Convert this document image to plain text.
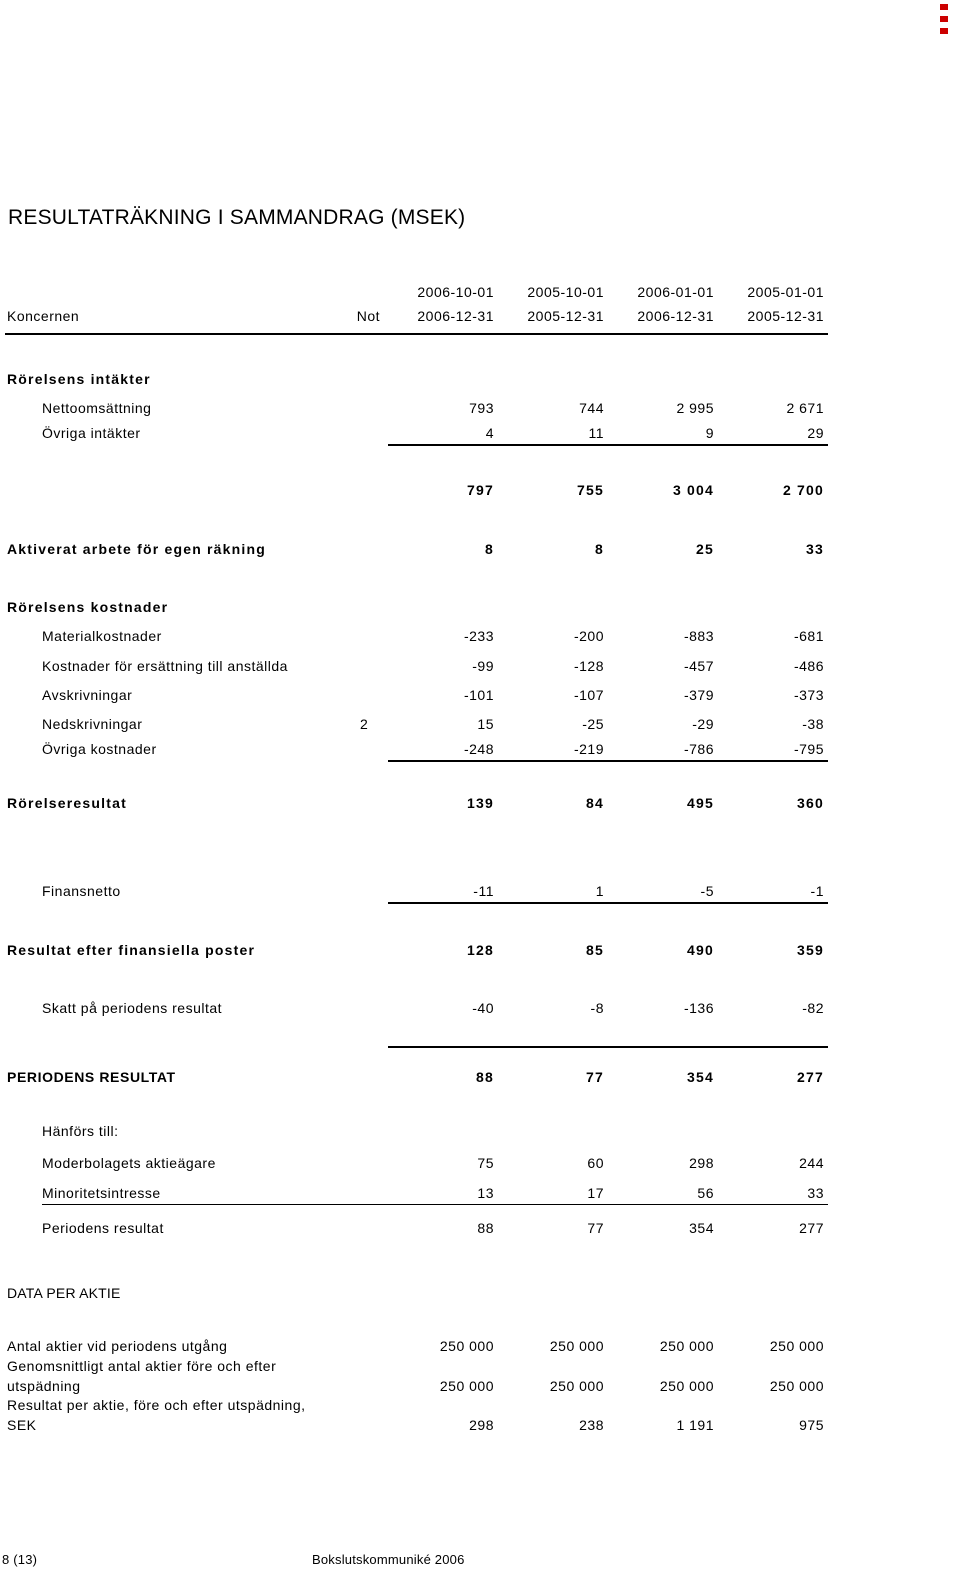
RESULTATRÄKNING I SAMMANDRAG (MSEK)
2006-10-01	2005-10-01	2006-01-01	2005-01-01
Koncernen	Not	2006-12-31	2005-12-31	2006-12-31	2005-12-31
Rörelsens intäkter
Nettoomsättning	793	744	2 995	2 671
Övriga intäkter	4	11	9	29
797	755	3 004	2 700
Aktiverat arbete för egen räkning	8	8	25	33
Rörelsens kostnader
Materialkostnader	-233	-200	-883	-681
Kostnader för ersättning till anställda	-99	-128	-457	-486
Avskrivningar	-101	-107	-379	-373
Nedskrivningar	2	15	-25	-29	-38
Övriga kostnader	-248	-219	-786	-795
Rörelseresultat	139	84	495	360
Finansnetto	-11	1	-5	-1
Resultat efter finansiella poster	128	85	490	359
Skatt på periodens resultat	-40	-8	-136	-82
PERIODENS RESULTAT	88	77	354	277
Hänförs till:
Moderbolagets aktieägare	75	60	298	244
Minoritetsintresse	13	17	56	33
Periodens resultat	88	77	354	277
DATA PER AKTIE
Antal aktier vid periodens utgång	250 000	250 000	250 000	250 000
Genomsnittligt antal aktier före och efter
utspädning	250 000	250 000	250 000	250 000
Resultat per aktie, före och efter utspädning,
SEK	298	238	1 191	975
8 (13)	Bokslutskommuniké 2006
